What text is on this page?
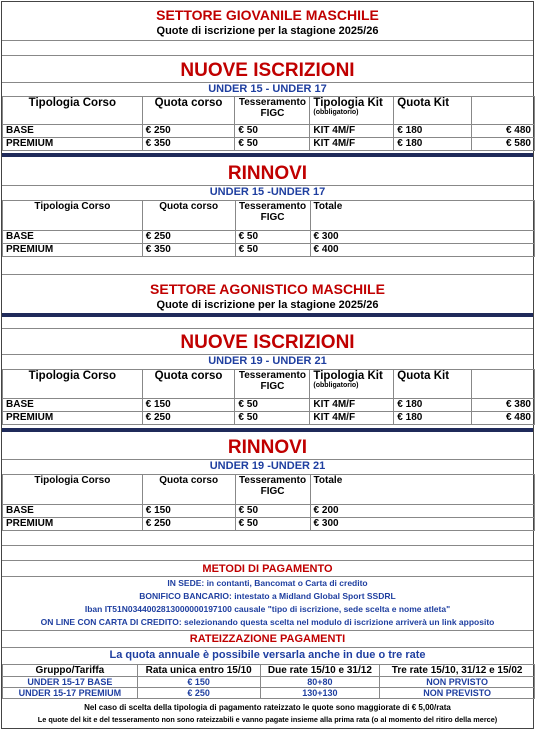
SETTORE GIOVANILE MASCHILE
Quote di iscrizione per la stagione 2025/26
NUOVE ISCRIZIONI
UNDER 15 - UNDER 17
Tipologia Corso	Quota corso	Tesseramento
FIGC	Tipologia Kit
(obbligatorio)	Quota Kit	
BASE	€ 250	€ 50	KIT 4M/F	€ 180	€ 480
PREMIUM	€ 350	€ 50	KIT 4M/F	€ 180	€ 580
RINNOVI
UNDER 15 -UNDER 17
Tipologia Corso	Quota corso	Tesseramento
FIGC	Totale
BASE	€ 250	€ 50	€ 300
PREMIUM	€ 350	€ 50	€ 400
SETTORE AGONISTICO MASCHILE
Quote di iscrizione per la stagione 2025/26
NUOVE ISCRIZIONI
UNDER 19 - UNDER 21
Tipologia Corso	Quota corso	Tesseramento
FIGC	Tipologia Kit
(obbligatorio)	Quota Kit	
BASE	€ 150	€ 50	KIT 4M/F	€ 180	€ 380
PREMIUM	€ 250	€ 50	KIT 4M/F	€ 180	€ 480
RINNOVI
UNDER 19 -UNDER 21
Tipologia Corso	Quota corso	Tesseramento
FIGC	Totale
BASE	€ 150	€ 50	€ 200
PREMIUM	€ 250	€ 50	€ 300
METODI DI PAGAMENTO
IN SEDE: in contanti, Bancomat o Carta di credito
BONIFICO BANCARIO: intestato a Midland Global Sport SSDRL
Iban IT51N0344002813000000197100 causale "tipo di iscrizione, sede scelta e nome atleta"
ON LINE CON CARTA DI CREDITO: selezionando questa scelta nel modulo di iscrizione arriverà un link apposito
RATEIZZAZIONE PAGAMENTI
La quota annuale è possibile versarla anche in due o tre rate
Gruppo/Tariffa	Rata unica entro 15/10	Due rate 15/10 e 31/12	Tre rate 15/10, 31/12 e 15/02
UNDER 15-17 BASE	€ 150	80+80	NON PRVISTO
UNDER 15-17 PREMIUM	€ 250	130+130	NON PREVISTO
Nel caso di scelta della tipologia di pagamento rateizzato le quote sono maggiorate di € 5,00/rata
Le quote del kit e del tesseramento non sono rateizzabili e vanno pagate insieme alla prima rata (o al momento del ritiro della merce)
